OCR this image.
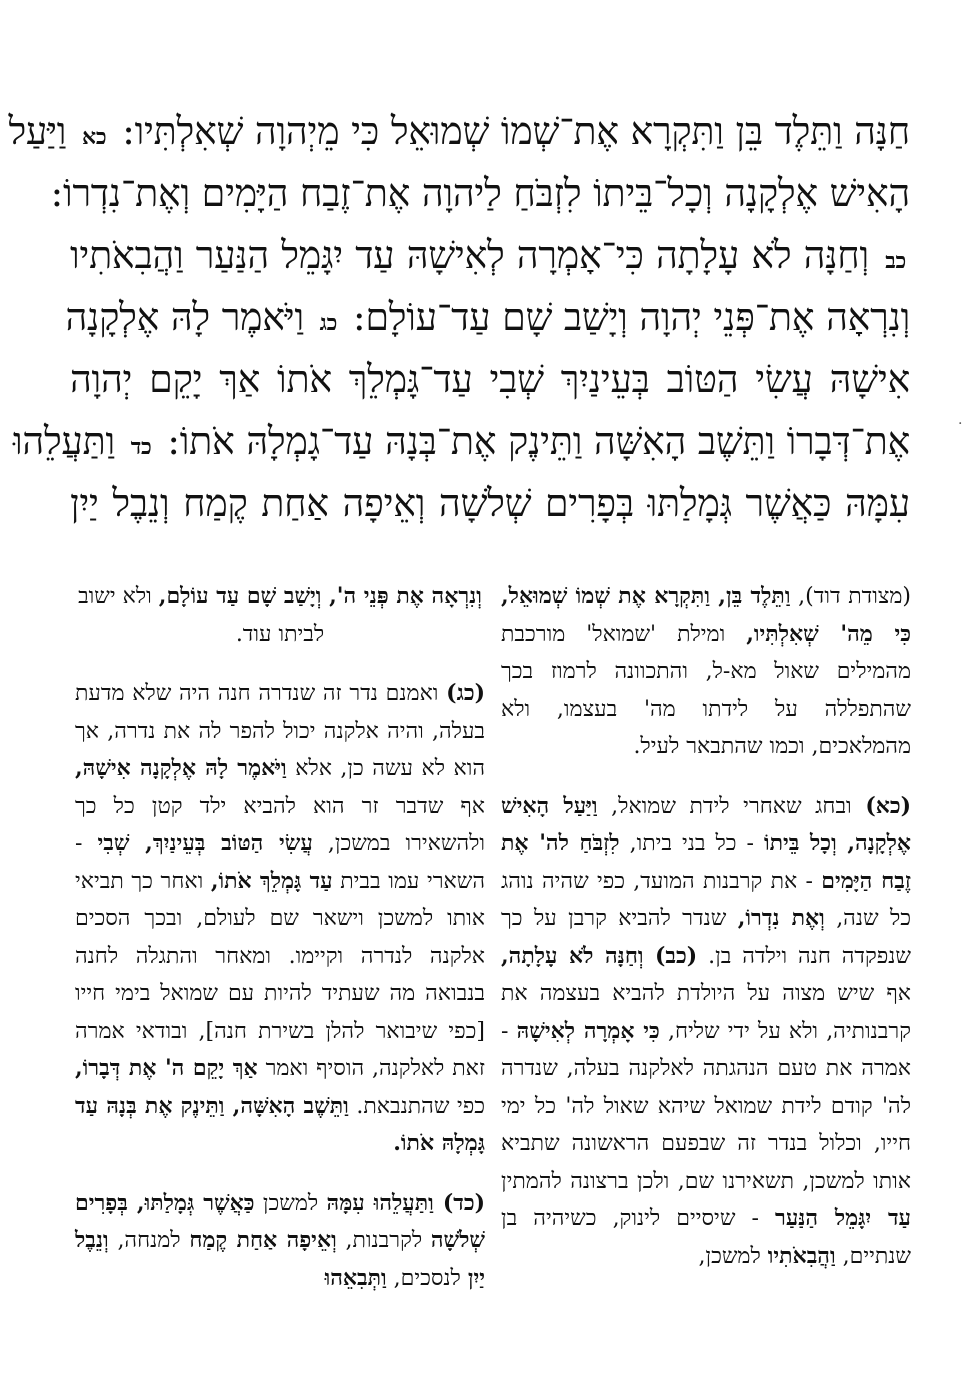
חַנָּה וַתֵּלֶד בֵּן וַתִּקְרָא אֶת־שְׁמוֹ שְׁמוּאֵל כִּי מֵיְהוָה שְׁאִלְתִּיו: כא וַיַּעַל
הָאִישׁ אֶלְקָנָה וְכָל־בֵּיתוֹ לִזְבֹּחַ לַיהוָה אֶת־זֶבַח הַיָּמִים וְאֶת־נִדְרוֹ:
כב וְחַנָּה לֹא עָלָתָה כִּי־אָמְרָה לְאִישָׁהּ עַד יִגָּמֵל הַנַּעַר וַהֲבִאֹתִיו
וְנִרְאָה אֶת־פְּנֵי יְהוָה וְיָשַׁב שָׁם עַד־עוֹלָם: כג וַיֹּאמֶר לָהּ אֶלְקָנָה
אִישָׁהּ עֲשִׂי הַטּוֹב בְּעֵינַיִךְ שְׁבִי עַד־גָּמְלֵךְ אֹתוֹ אַךְ יָקֵם יְהוָה
אֶת־דְּבָרוֹ וַתֵּשֶׁב הָאִשָּׁה וַתֵּינֶק אֶת־בְּנָהּ עַד־גָמְלָהּ אֹתוֹ: כד וַתַּעֲלֵהוּ
עִמָּהּ כַּאֲשֶׁר גְּמָלַתּוּ בְּפָרִים שְׁלֹשָׁה וְאֵיפָה אַחַת קֶמַח וְנֵבֶל יַיִן
.

(מצודת דוד), וַתֵּלֶד בֵּן, וַתִּקְרָא אֶת שְׁמוֹ שְׁמוּאֵל, כִּי מֵה' שְׁאִלְתִּיו, ומילת 'שמואל' מורכבת מהמילים שאול מא-ל, והתכוונה לרמוז בכך שהתפללה על לידתו מה' בעצמו, ולא מהמלאכים, וכמו שהתבאר לעיל.

(כא) ובחג שאחרי לידת שמואל, וַיַּעַל הָאִישׁ אֶלְקָנָה, וְכָל בֵּיתוֹ - כל בני ביתו, לִזְבֹּחַ לה' אֶת זֶבַח הַיָּמִים - את קרבנות המועד, כפי שהיה נוהג כל שנה, וְאֶת נִדְרוֹ, שנדר להביא קרבן על כך שנפקדה חנה וילדה בן. (כב) וְחַנָּה לֹא עָלָתָה, אף שיש מצוה על היולדת להביא בעצמה את קרבנותיה, ולא על ידי שליח, כִּי אָמְרָה לְאִישָׁהּ - אמרה את טעם הנהגתה לאלקנה בעלה, שנדרה לה' קודם לידת שמואל שיהא שאול לה' כל ימי חייו, וכלול בנדר זה שבפעם הראשונה שתביא אותו למשכן, תשאירנו שם, ולכן ברצונה להמתין עַד יִגָּמֵל הַנַּעַר - שיסיים לינוק, כשיהיה בן שנתיים, וַהֲבִאֹתִיו למשכן,

וְנִרְאָה אֶת פְּנֵי ה', וְיָשַׁב שָׁם עַד עוֹלָם, ולא ישוב לביתו עוד.

(כג) ואמנם נדר זה שנדרה חנה היה שלא מדעת בעלה, והיה אלקנה יכול להפר לה את נדרה, אך הוא לא עשה כן, אלא וַיֹּאמֶר לָהּ אֶלְקָנָה אִישָׁהּ, אף שדבר זר הוא להביא ילד קטן כל כך ולהשאירו במשכן, עֲשִׂי הַטּוֹב בְּעֵינַיִךְ, שְׁבִי - השארי עמו בבית עַד גָּמְלֵךְ אֹתוֹ, ואחר כך תביאי אותו למשכן וישאר שם לעולם, ובכך הסכים אלקנה לנדרה וקיימו. ומאחר והתגלה לחנה בנבואה מה שעתיד להיות עם שמואל בימי חייו [כפי שיבואר להלן בשירת חנה], ובודאי אמרה זאת לאלקנה, הוסיף ואמר אַךְ יָקֵם ה' אֶת דְּבָרוֹ, כפי שהתנבאת. וַתֵּשֶׁב הָאִשָּׁה, וַתֵּינֶק אֶת בְּנָהּ עַד גָּמְלָהּ אֹתוֹ.

(כד) וַתַּעֲלֵהוּ עִמָּהּ למשכן כַּאֲשֶׁר גְּמָלַתּוּ, בְּפָרִים שְׁלֹשָׁה לקרבנות, וְאֵיפָה אַחַת קֶמַח למנחה, וְנֵבֶל יַיִן לנסכים, וַתְּבִאֵהוּ
